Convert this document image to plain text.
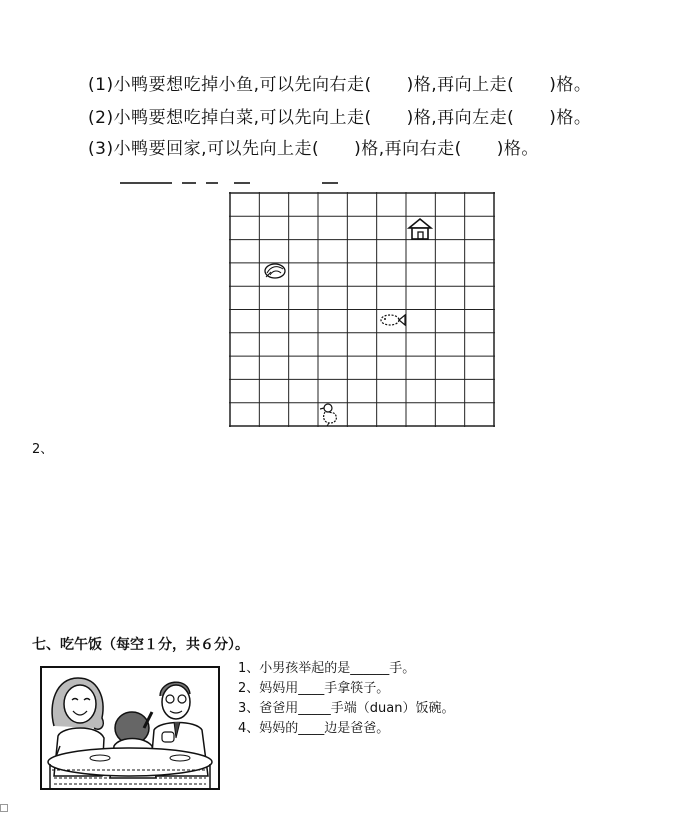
(1)小鸭要想吃掉小鱼,可以先向右走(　　)格,再向上走(　　)格。
(2)小鸭要想吃掉白菜,可以先向上走(　　)格,再向左走(　　)格。
(3)小鸭要回家,可以先向上走(　　)格,再向右走(　　)格。
2、
七、吃午饭（每空１分，共６分）。
1、小男孩举起的是______手。
2、妈妈用____手拿筷子。
3、爸爸用_____手端（duan）饭碗。
4、妈妈的____边是爸爸。
